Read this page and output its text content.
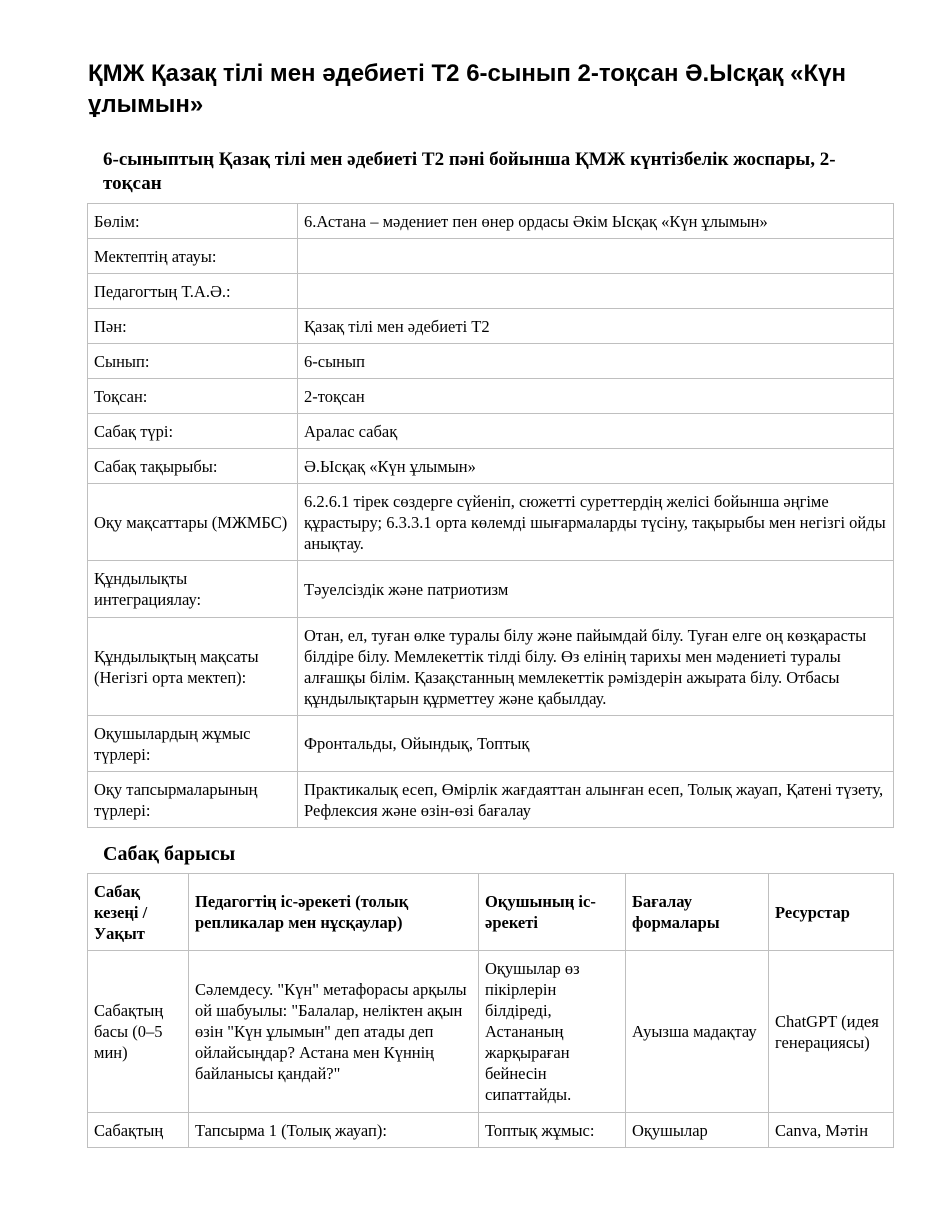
ҚМЖ Қазақ тілі мен әдебиеті Т2 6-сынып 2-тоқсан Ә.Ысқақ «Күн ұлымын»
6-сыныптың Қазақ тілі мен әдебиеті Т2 пәні бойынша ҚМЖ күнтізбелік жоспары, 2-тоқсан
Бөлім:	6.Астана – мәдениет пен өнер ордасы Әкім Ысқақ «Күн ұлымын»
Мектептің атауы:	
Педагогтың Т.А.Ә.:	
Пән:	Қазақ тілі мен әдебиеті Т2
Сынып:	6-сынып
Тоқсан:	2-тоқсан
Сабақ түрі:	Аралас сабақ
Сабақ тақырыбы:	Ә.Ысқақ «Күн ұлымын»
Оқу мақсаттары (МЖМБС)	6.2.6.1 тірек сөздерге сүйеніп, сюжетті суреттердің желісі бойынша әңгіме құрастыру; 6.3.3.1 орта көлемді шығармаларды түсіну, тақырыбы мен негізгі ойды анықтау.
Құндылықты интеграциялау:	Тәуелсіздік және патриотизм
Құндылықтың мақсаты (Негізгі орта мектеп):	Отан, ел, туған өлке туралы білу және пайымдай білу. Туған елге оң көзқарасты білдіре білу. Мемлекеттік тілді білу. Өз елінің тарихы мен мәдениеті туралы алғашқы білім. Қазақстанның мемлекеттік рәміздерін ажырата білу. Отбасы құндылықтарын құрметтеу және қабылдау.
Оқушылардың жұмыс түрлері:	Фронтальды, Ойындық, Топтық
Оқу тапсырмаларының түрлері:	Практикалық есеп, Өмірлік жағдаяттан алынған есеп, Толық жауап, Қатені түзету, Рефлексия және өзін-өзі бағалау
Сабақ барысы
Сабақ кезеңі / Уақыт	Педагогтің іс-әрекеті (толық репликалар мен нұсқаулар)	Оқушының іс-әрекеті	Бағалау формалары	Ресурстар
Сабақтың басы (0–5 мин)	Сәлемдесу. "Күн" метафорасы арқылы ой шабуылы: "Балалар, неліктен ақын өзін "Күн ұлымын" деп атады деп ойлайсыңдар? Астана мен Күннің байланысы қандай?"	Оқушылар өз пікірлерін білдіреді, Астананың жарқыраған бейнесін сипаттайды.	Ауызша мадақтау	ChatGPT (идея генерациясы)
Сабақтың	Тапсырма 1 (Толық жауап):	Топтық жұмыс:	Оқушылар	Canva, Мәтін
